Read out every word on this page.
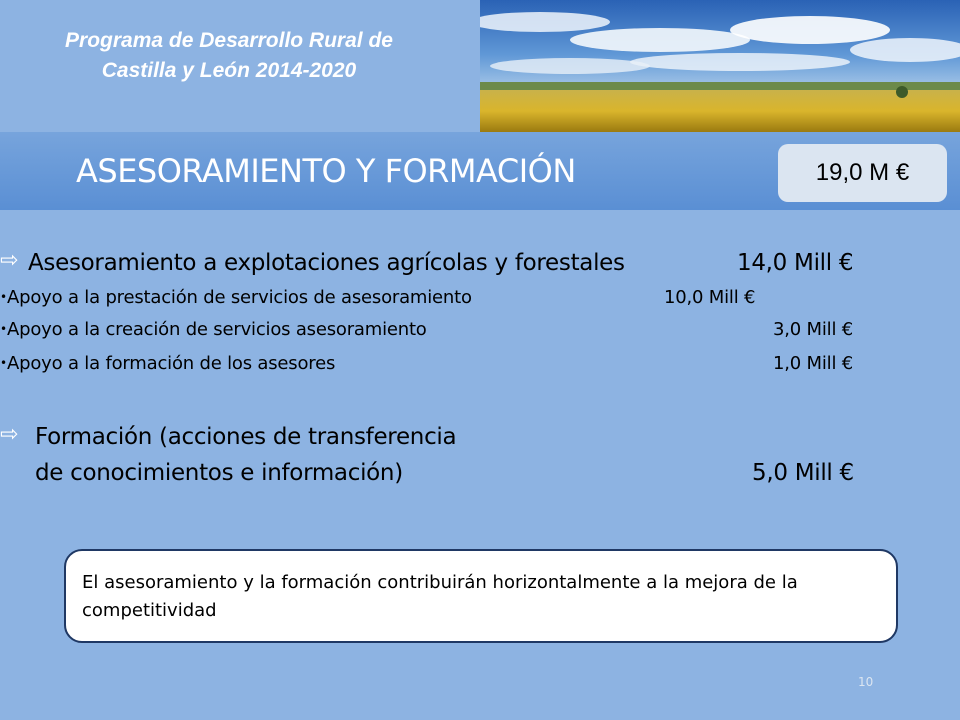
Programa de Desarrollo Rural de
Castilla y León 2014-2020
ASESORAMIENTO Y FORMACIÓN	19,0 M €
⇨ Asesoramiento a explotaciones agrícolas y forestales	14,0 Mill €
• Apoyo a la prestación de servicios de asesoramiento	10,0 Mill €
• Apoyo a la creación de servicios asesoramiento	3,0 Mill €
• Apoyo a la formación de los asesores	1,0 Mill €
⇨ Formación (acciones de transferencia
de conocimientos e información)	5,0 Mill €
El asesoramiento y la formación contribuirán horizontalmente a la mejora de la competitividad
10
